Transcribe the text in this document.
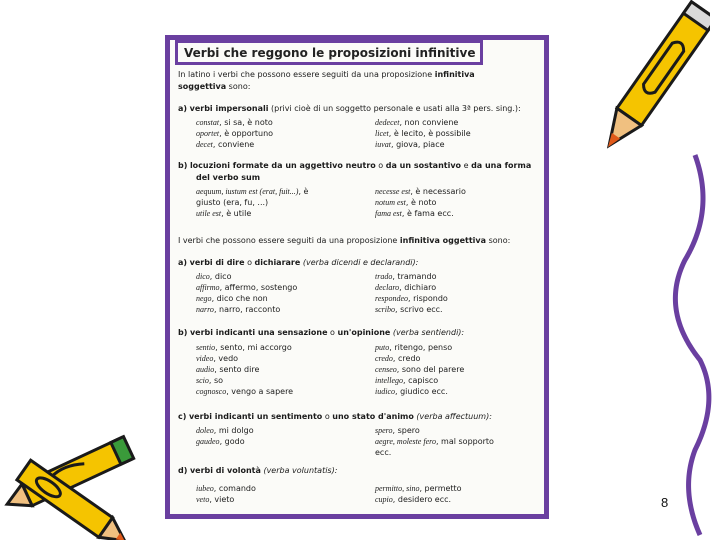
Verbi che reggono le proposizioni infinitive
In latino i verbi che possono essere seguiti da una proposizione infinitiva
soggettiva sono:
a) verbi impersonali (privi cioè di un soggetto personale e usati alla 3ª pers. sing.):
constat, si sa, è noto
oportet, è opportuno
decet, conviene
dedecet, non conviene
licet, è lecito, è possibile
iuvat, giova, piace
b) locuzioni formate da un aggettivo neutro o da un sostantivo e da una forma
del verbo sum
aequum, iustum est (erat, fuit...), è
giusto (era, fu, ...)
utile est, è utile
necesse est, è necessario
notum est, è noto
fama est, è fama ecc.
I verbi che possono essere seguiti da una proposizione infinitiva oggettiva sono:
a) verbi di dire o dichiarare (verba dicendi e declarandi):
dico, dico
affirmo, affermo, sostengo
nego, dico che non
narro, narro, racconto
trado, tramando
declaro, dichiaro
respondeo, rispondo
scribo, scrivo ecc.
b) verbi indicanti una sensazione o un'opinione (verba sentiendi):
sentio, sento, mi accorgo
video, vedo
audio, sento dire
scio, so
cognosco, vengo a sapere
puto, ritengo, penso
credo, credo
censeo, sono del parere
intellego, capisco
iudico, giudico ecc.
c) verbi indicanti un sentimento o uno stato d'animo (verba affectuum):
doleo, mi dolgo
gaudeo, godo
spero, spero
aegre, moleste fero, mal sopporto
ecc.
d) verbi di volontà (verba voluntatis):
iubeo, comando
veto, vieto
permitto, sino, permetto
cupio, desidero ecc.	8
